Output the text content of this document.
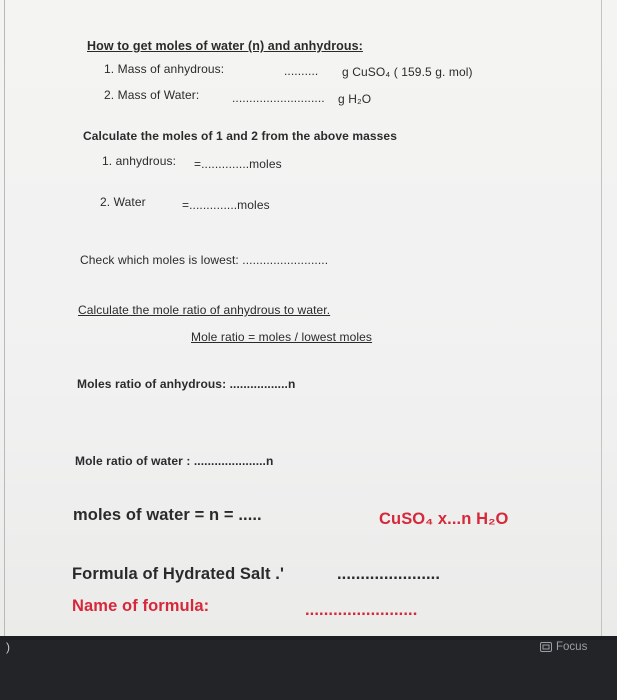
How to get moles of water (n) and anhydrous:
1. Mass of anhydrous:	.......... g CuSO₄ ( 159.5 g. mol)
2. Mass of Water:	........................... g H₂O
Calculate the moles of 1 and 2 from the above masses
1. anhydrous: =..............moles
2. Water	=..............moles
Check which moles is lowest: .........................
Calculate the mole ratio of anhydrous to water.
Mole ratio = moles / lowest moles
Moles ratio of anhydrous: .................n
Mole ratio of water : .....................n
moles of water = n = .....	CuSO₄ x...n H₂O
Formula of Hydrated Salt .'	......................
Name of formula:	........................
)	Focus
